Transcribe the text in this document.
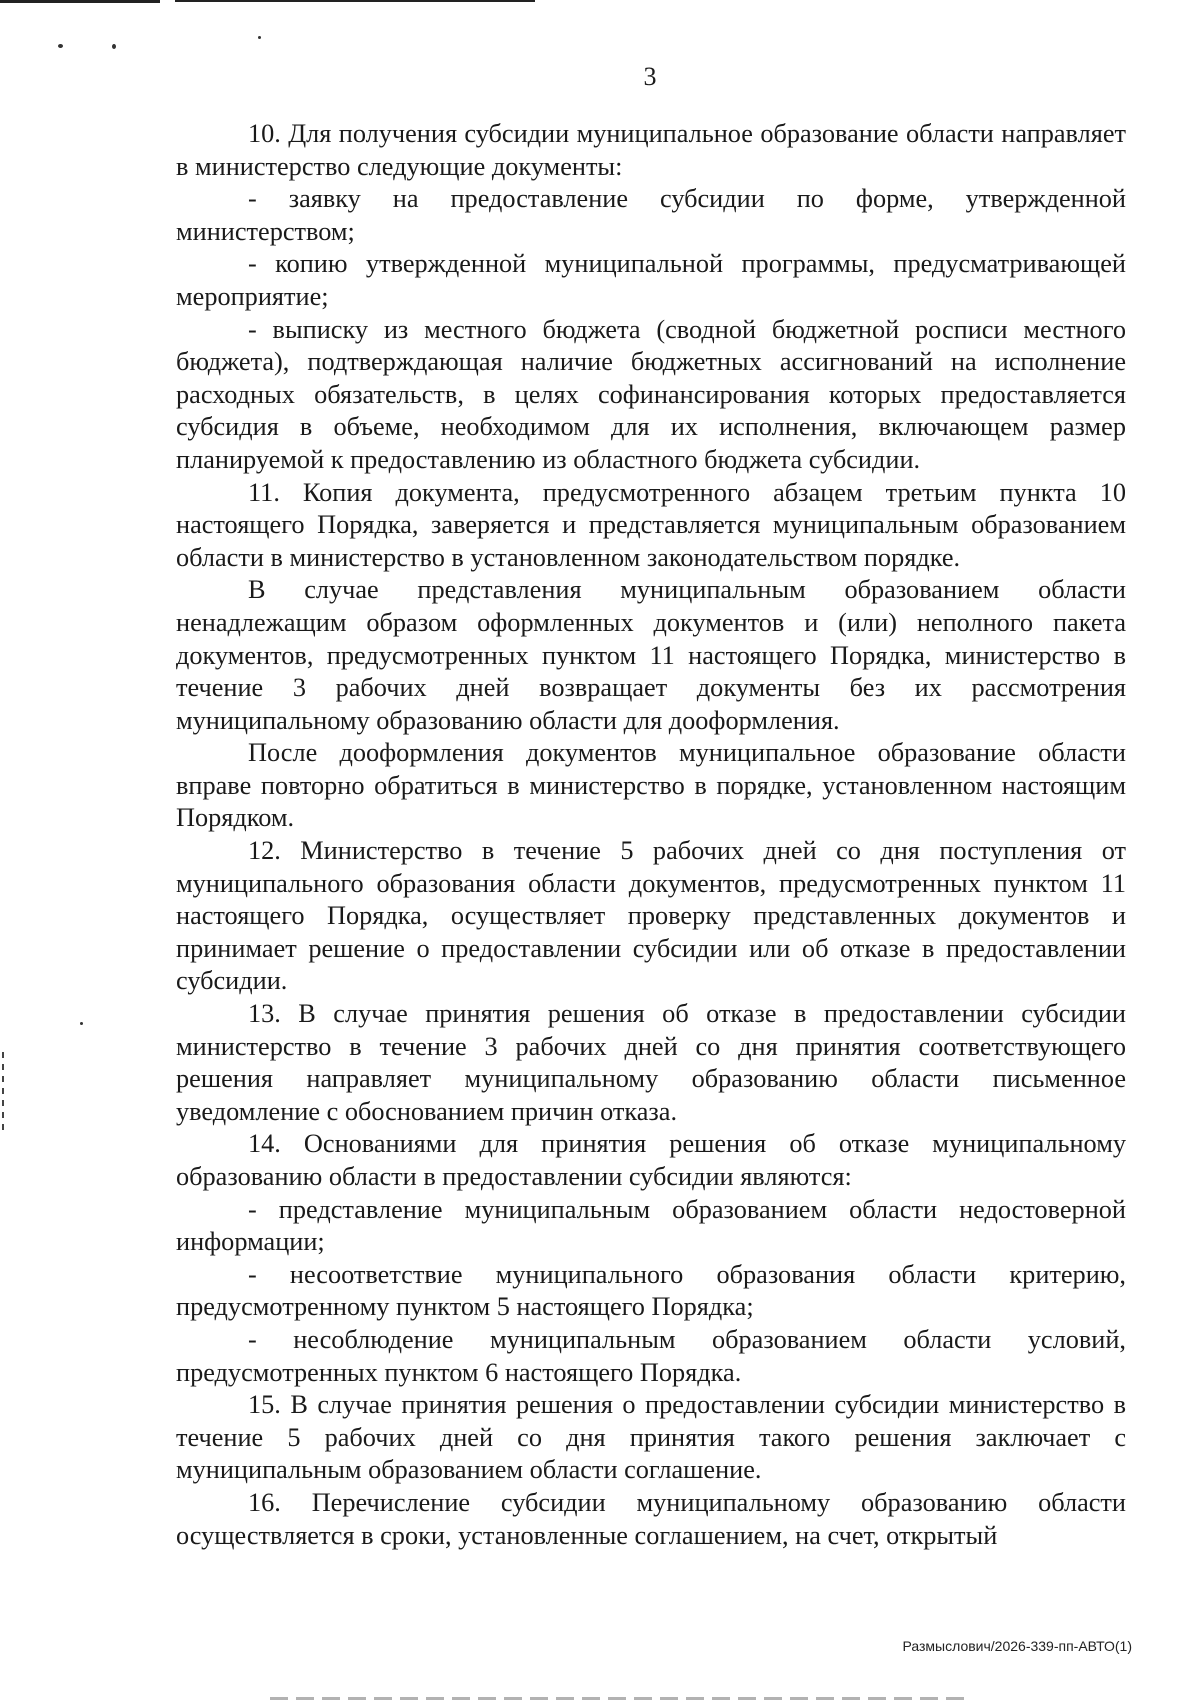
3

10. Для получения субсидии муниципальное образование области направляет в министерство следующие документы:

- заявку на предоставление субсидии по форме, утвержденной министерством;

- копию утвержденной муниципальной программы, предусматривающей мероприятие;

- выписку из местного бюджета (сводной бюджетной росписи местного бюджета), подтверждающая наличие бюджетных ассигнований на исполнение расходных обязательств, в целях софинансирования которых предоставляется субсидия в объеме, необходимом для их исполнения, включающем размер планируемой к предоставлению из областного бюджета субсидии.

11. Копия документа, предусмотренного абзацем третьим пункта 10 настоящего Порядка, заверяется и представляется муниципальным образованием области в министерство в установленном законодательством порядке.

В случае представления муниципальным образованием области ненадлежащим образом оформленных документов и (или) неполного пакета документов, предусмотренных пунктом 11 настоящего Порядка, министерство в течение 3 рабочих дней возвращает документы без их рассмотрения муниципальному образованию области для дооформления.

После дооформления документов муниципальное образование области вправе повторно обратиться в министерство в порядке, установленном настоящим Порядком.

12. Министерство в течение 5 рабочих дней со дня поступления от муниципального образования области документов, предусмотренных пунктом 11 настоящего Порядка, осуществляет проверку представленных документов и принимает решение о предоставлении субсидии или об отказе в предоставлении субсидии.

13. В случае принятия решения об отказе в предоставлении субсидии министерство в течение 3 рабочих дней со дня принятия соответствующего решения направляет муниципальному образованию области письменное уведомление с обоснованием причин отказа.

14. Основаниями для принятия решения об отказе муниципальному образованию области в предоставлении субсидии являются:

- представление муниципальным образованием области недостоверной информации;

- несоответствие муниципального образования области критерию, предусмотренному пунктом 5 настоящего Порядка;

- несоблюдение муниципальным образованием области условий, предусмотренных пунктом 6 настоящего Порядка.

15. В случае принятия решения о предоставлении субсидии министерство в течение 5 рабочих дней со дня принятия такого решения заключает с муниципальным образованием области соглашение.

16. Перечисление субсидии муниципальному образованию области осуществляется в сроки, установленные соглашением, на счет, открытый

Размыслович/2026-339-пп-АВТО(1)
